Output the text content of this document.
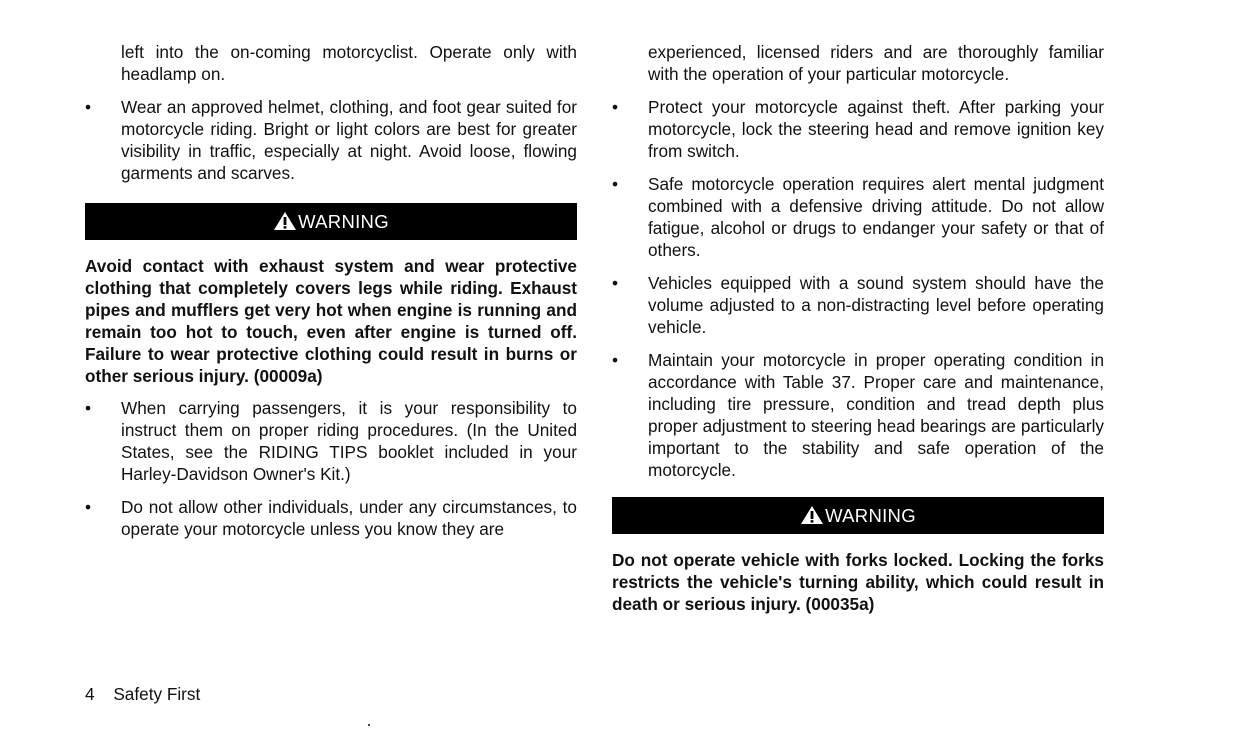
left into the on-coming motorcyclist. Operate only with headlamp on.

•	Wear an approved helmet, clothing, and foot gear suited for motorcycle riding. Bright or light colors are best for greater visibility in traffic, especially at night. Avoid loose, flowing garments and scarves.
WARNING

Avoid contact with exhaust system and wear protective clothing that completely covers legs while riding. Exhaust pipes and mufflers get very hot when engine is running and remain too hot to touch, even after engine is turned off. Failure to wear protective clothing could result in burns or other serious injury. (00009a)

•	When carrying passengers, it is your responsibility to instruct them on proper riding procedures. (In the United States, see the RIDING TIPS booklet included in your Harley-Davidson Owner's Kit.)
•	Do not allow other individuals, under any circumstances, to operate your motorcycle unless you know they are

experienced, licensed riders and are thoroughly familiar with the operation of your particular motorcycle.

•	Protect your motorcycle against theft. After parking your motorcycle, lock the steering head and remove ignition key from switch.
•	Safe motorcycle operation requires alert mental judgment combined with a defensive driving attitude. Do not allow fatigue, alcohol or drugs to endanger your safety or that of others.
•	Vehicles equipped with a sound system should have the volume adjusted to a non-distracting level before operating vehicle.
•	Maintain your motorcycle in proper operating condition in accordance with Table 37. Proper care and maintenance, including tire pressure, condition and tread depth plus proper adjustment to steering head bearings are particularly important to the stability and safe operation of the motorcycle.
WARNING

Do not operate vehicle with forks locked. Locking the forks restricts the vehicle's turning ability, which could result in death or serious injury. (00035a)

4 Safety First
